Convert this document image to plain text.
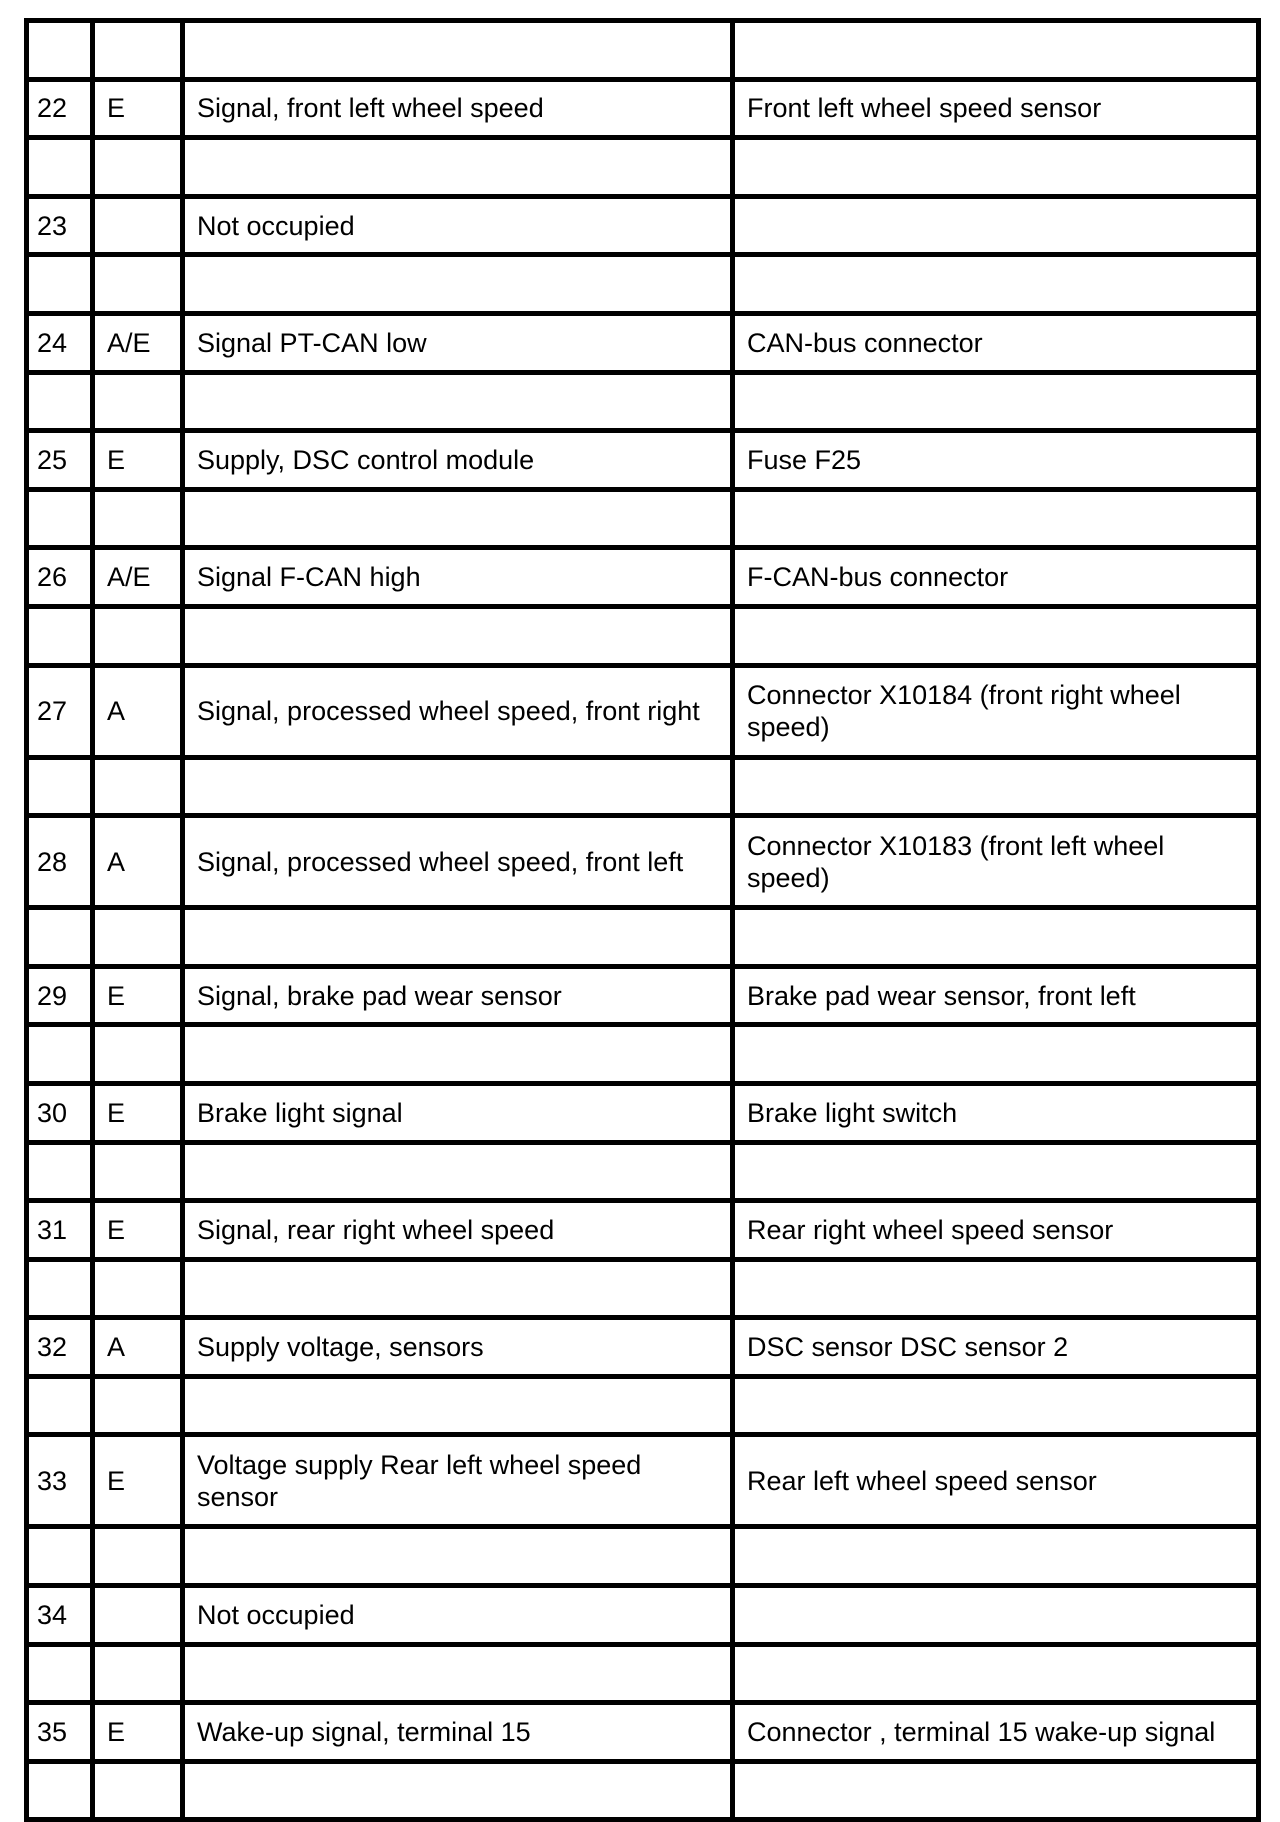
22	E	Signal, front left wheel speed	Front left wheel speed sensor

23		Not occupied	

24	A/E	Signal PT-CAN low	CAN-bus connector

25	E	Supply, DSC control module	Fuse F25

26	A/E	Signal F-CAN high	F-CAN-bus connector

27	A	Signal, processed wheel speed, front right	Connector X10184 (front right wheel speed)

28	A	Signal, processed wheel speed, front left	Connector X10183 (front left wheel speed)

29	E	Signal, brake pad wear sensor	Brake pad wear sensor, front left

30	E	Brake light signal	Brake light switch

31	E	Signal, rear right wheel speed	Rear right wheel speed sensor

32	A	Supply voltage, sensors	DSC sensor DSC sensor 2

33	E	Voltage supply Rear left wheel speed sensor	Rear left wheel speed sensor

34		Not occupied	

35	E	Wake-up signal, terminal 15	Connector , terminal 15 wake-up signal
